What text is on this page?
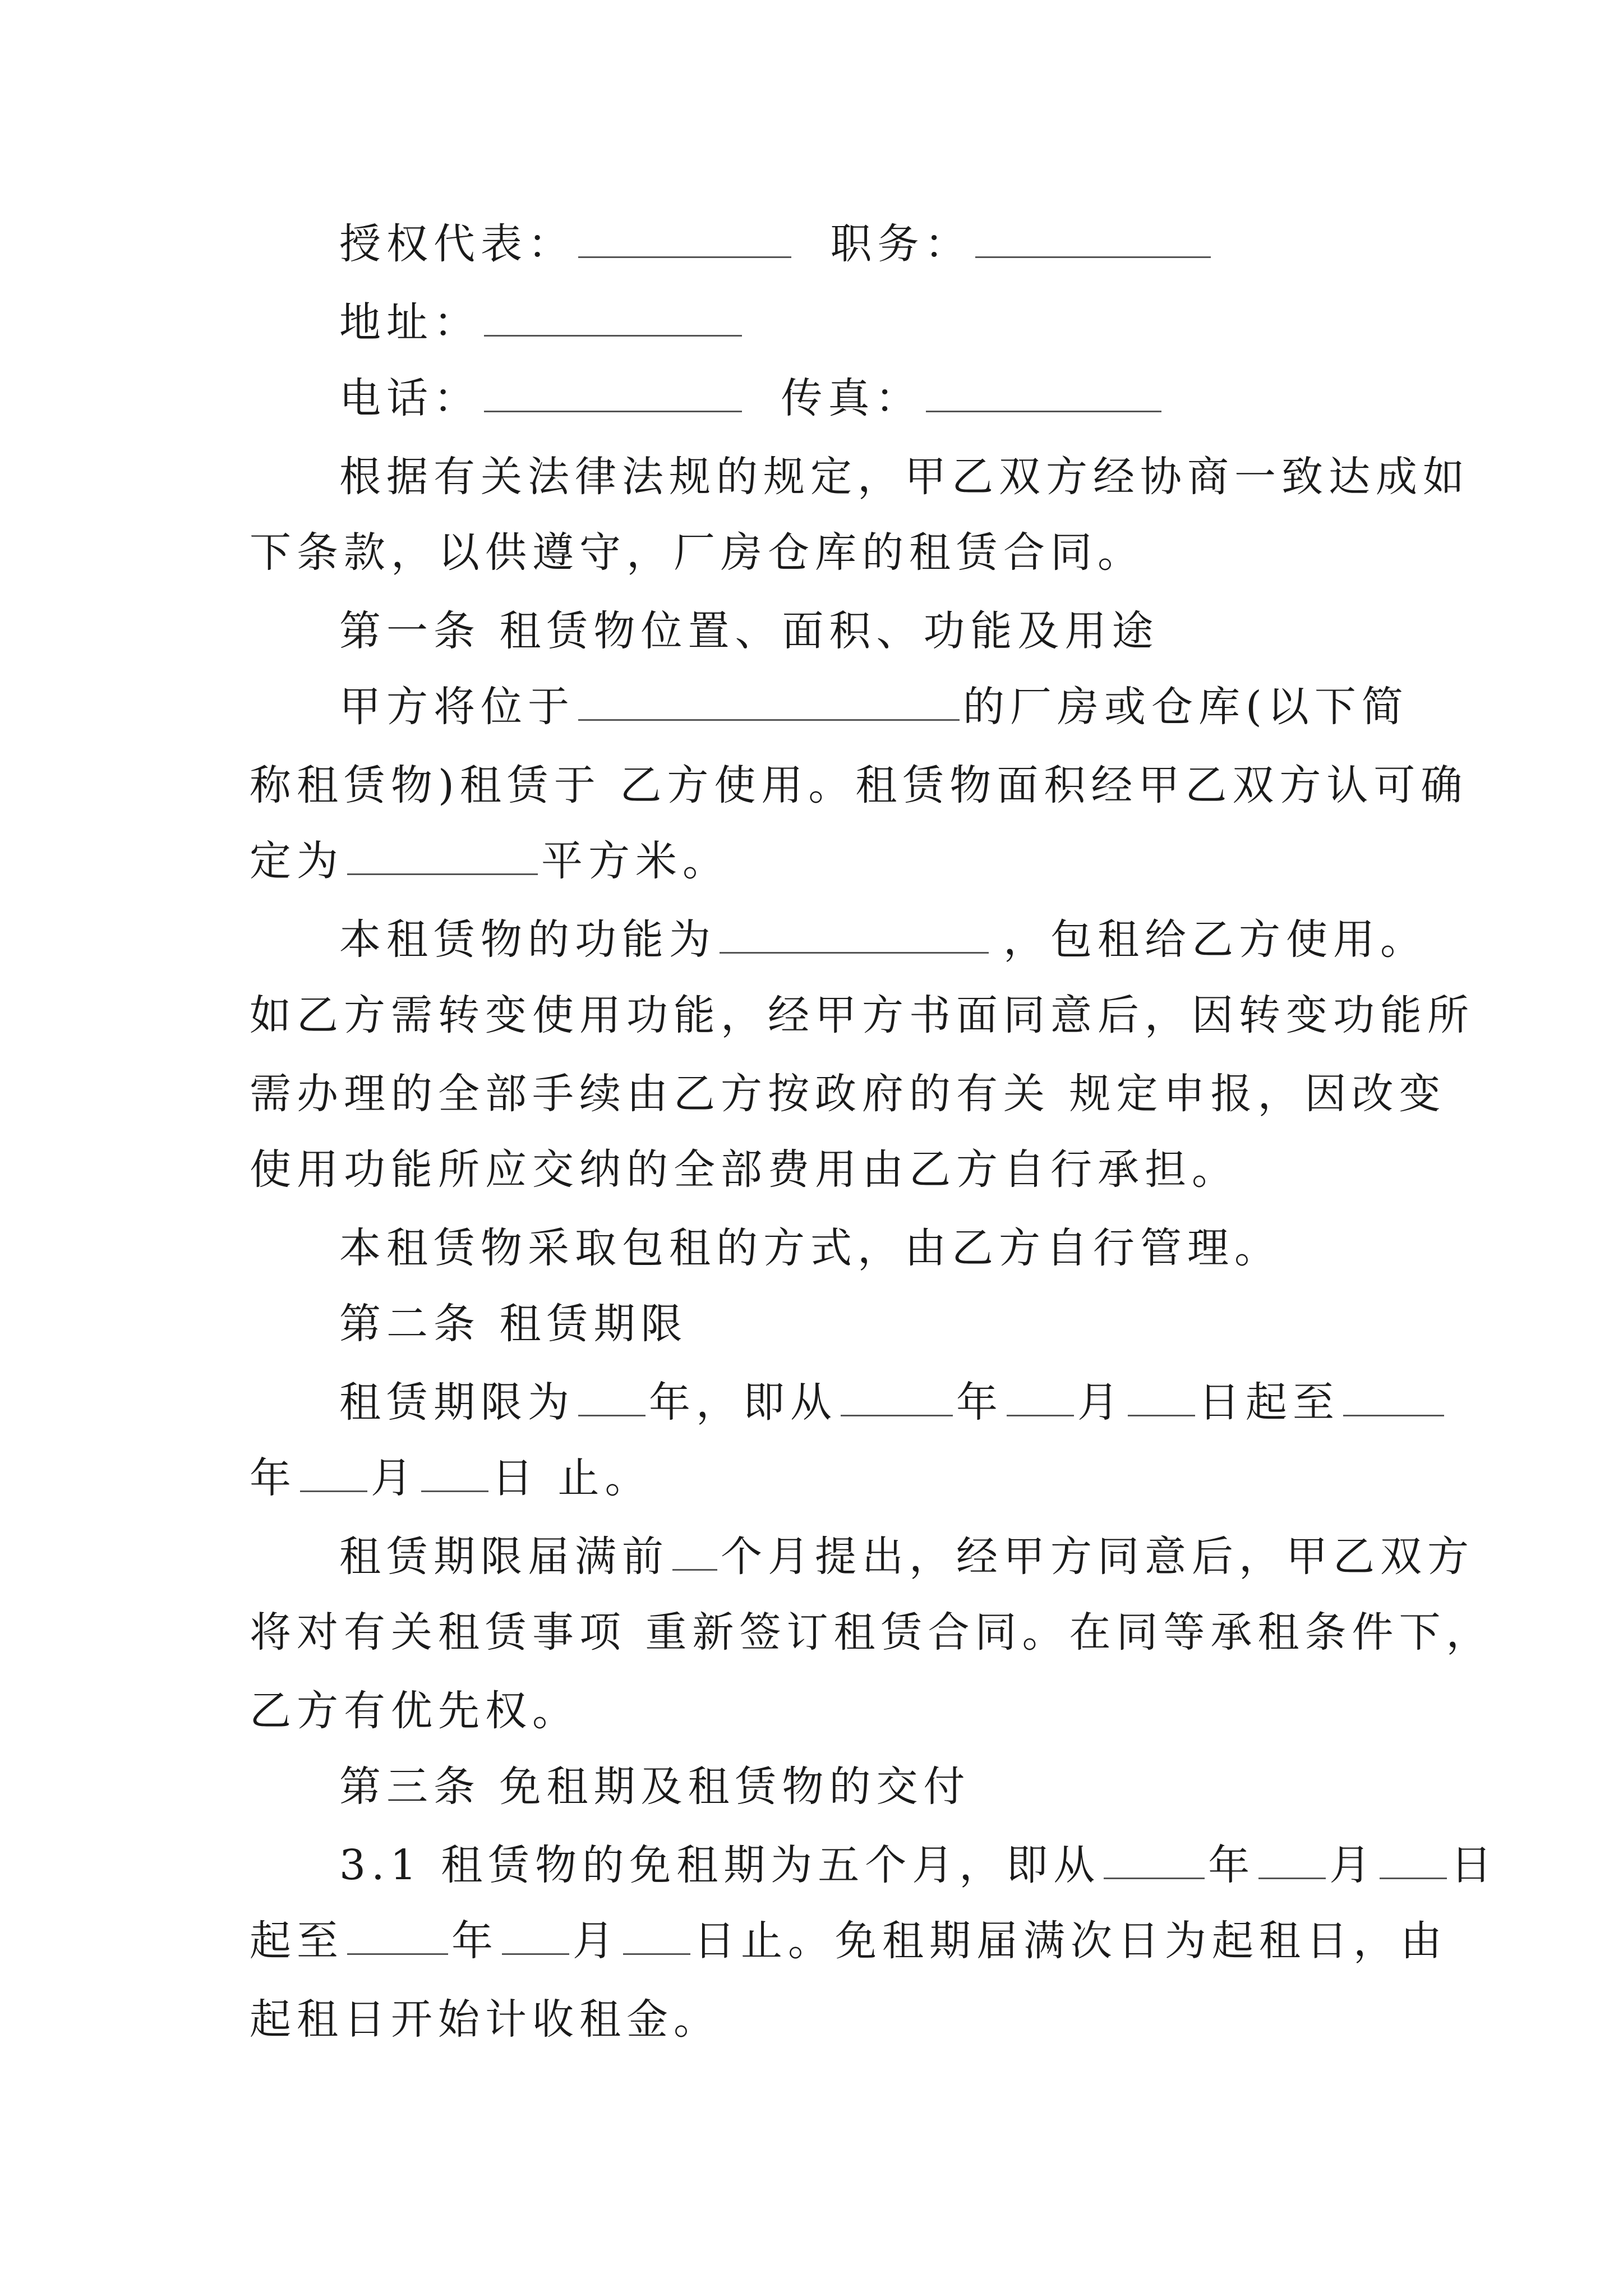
授权代表：	职务：
地址：
电话：	传真：
根据有关法律法规的规定，甲乙双方经协商一致达成如
下条款，以供遵守，厂房仓库的租赁合同。
第一条 租赁物位置、面积、功能及用途
甲方将位于	的厂房或仓库(以下简
称租赁物)租赁于 乙方使用。租赁物面积经甲乙双方认可确
定为	平方米。
本租赁物的功能为	，包租给乙方使用。
如乙方需转变使用功能，经甲方书面同意后，因转变功能所
需办理的全部手续由乙方按政府的有关 规定申报，因改变
使用功能所应交纳的全部费用由乙方自行承担。
本租赁物采取包租的方式，由乙方自行管理。
第二条 租赁期限
租赁期限为 年，即从	年 月 日起至
年 月 日 止。
租赁期限届满前 个月提出，经甲方同意后，甲乙双方
将对有关租赁事项 重新签订租赁合同。在同等承租条件下，
乙方有优先权。
第三条 免租期及租赁物的交付
3.1 租赁物的免租期为五个月，即从	年 月 日
起至	年 月 日止。免租期届满次日为起租日，由
起租日开始计收租金。
